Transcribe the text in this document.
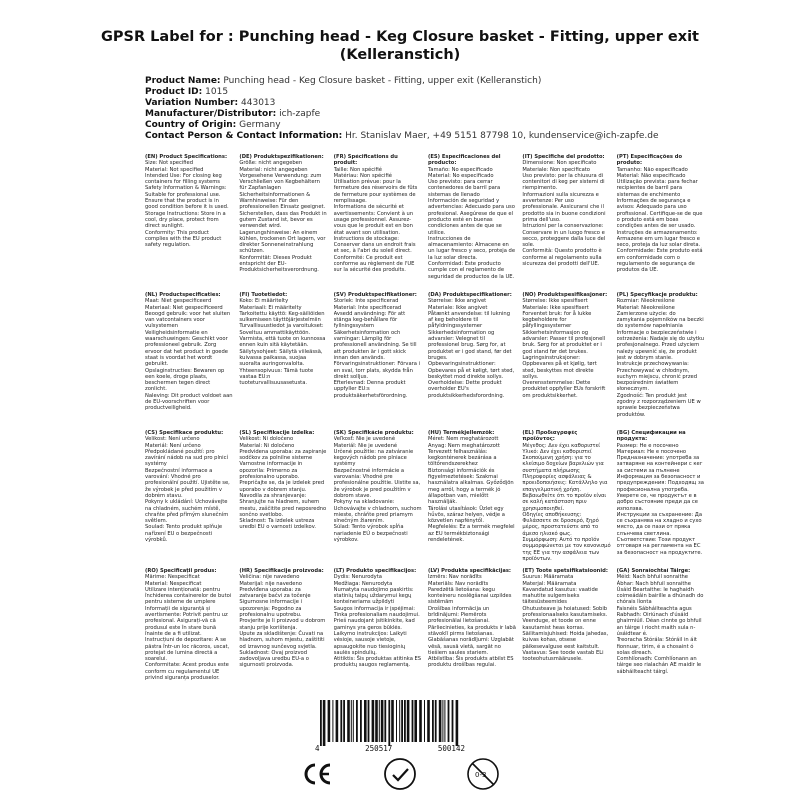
GPSR Label for : Punching head - Keg Closure basket - Fitting, upper exit (Kelleranstich)
Product Name: Punching head - Keg Closure basket - Fitting, upper exit (Kelleranstich)
Product ID: 1015
Variation Number: 443013
Manufacturer/Distributor: ich-zapfe
Country of Origin: Germany
Contact Person & Contact Information: Hr. Stanislav Maer, +49 5151 87798 10, kundenservice@ich-zapfe.de
(EN) Product Specifications:
Size: Not specified
Material: Not specified
Intended Use: For closing keg containers for filling systems
Safety Information & Warnings: Suitable for professional use. Ensure that the product is in good condition before it is used.
Storage Instructions: Store in a cool, dry place, protect from direct sunlight.
Conformity: This product complies with the EU product safety regulation.
(DE) Produktspezifikationen:
Größe: nicht angegeben
Material: nicht angegeben
Vorgesehene Verwendung: zum Verschließen von Kegbehältern für Zapfanlagen
Sicherheitsinformationen & Warnhinweise: Für den professionellen Einsatz geeignet. Sicherstellen, dass das Produkt in gutem Zustand ist, bevor es verwendet wird.
Lagerungshinweise: An einem kühlen, trockenen Ort lagern, vor direkter Sonneneinstrahlung schützen.
Konformität: Dieses Produkt entspricht der EU-Produktsicherheitsverordnung.
(FR) Spécifications du produit:
Taille: Non spécifié
Matériau: Non spécifié
Utilisation prévue: pour la fermeture des réservoirs de fûts de fermeture pour systèmes de remplissage.
Informations de sécurité et avertissements: Convient à un usage professionnel. Assurez-vous que le produit est en bon état avant son utilisation.
Instructions de stockage: Conserver dans un endroit frais et sec, à l'abri du soleil direct.
Conformité: Ce produit est conforme au règlement de l'UE sur la sécurité des produits.
(ES) Especificaciones del producto:
Tamaño: No especificado
Material: No especificado
Uso previsto: para cerrar contenedores de barril para sistemas de llenado
Información de seguridad y advertencias: Adecuado para uso profesional. Asegúrese de que el producto esté en buenas condiciones antes de que se utilice.
Instrucciones de almacenamiento: Almacene en un lugar fresco y seco, proteja de la luz solar directa.
Conformidad: Este producto cumple con el reglamento de seguridad de productos de la UE.
(IT) Specifiche del prodotto:
Dimensione: Non specificato
Materiale: Non specificato
Uso previsto: per la chiusura di contenitori di keg per sistemi di riempimento.
Informazioni sulla sicurezza e avvertenze: Per uso professionale. Assicurarsi che il prodotto sia in buone condizioni prima dell'uso.
Istruzioni per la conservazione: Conservare in un luogo fresco e secco, proteggere dalla luce del sole.
Conformità: Questo prodotto è conforme al regolamento sulla sicurezza dei prodotti dell'UE.
(PT) Especificações do produto:
Tamanho: Não especificado
Material: Não especificado
Utilização prevista: para fechar recipientes de barril para sistemas de enchimento
Informações de segurança e avisos: Adequado para uso profissional. Certifique-se de que o produto está em boas condições antes de ser usado.
Instruções de armazenamento: Armazene em um lugar fresco e seco, proteja da luz solar direta.
Conformidade: Este produto está em conformidade com o regulamento de segurança de produtos da UE.
(NL) Productspecificaties:
Maat: Niet gespecificeerd
Materiaal: Niet gespecificeerd
Beoogd gebruik: voor het sluiten van vatcontainers voor vulsystemen
Veiligheidsinformatie en waarschuwingen: Geschikt voor professioneel gebruik. Zorg ervoor dat het product in goede staat is voordat het wordt gebruikt.
Opslaginstructies: Bewaren op een koele, droge plaats, beschermen tegen direct zonlicht.
Naleving: Dit product voldoet aan de EU-voorschriften voor productveiligheid.
(FI) Tuotetiedot:
Koko: Ei määritelty
Materiaali: Ei määritelty
Tarkoitettu käyttö: Keg-säiliöiden sulkemiseen täyttöjärjestelmiin
Turvallisuustiedot ja varoitukset: Soveltuu ammattikäyttöön. Varmista, että tuote on kunnossa ennen kuin sitä käytetään.
Säilytysohjeet: Säilytä viileässä, kuivassa paikassa, suojaa suoralta auringonvalolta.
Yhteensopivuus: Tämä tuote vastaa EU:n tuoteturvallisuusasetusta.
(SV) Produktspecifikationer:
Storlek: Inte specificerad
Material: Inte specificerad
Avsedd användning: För att stänga keg-behållare för fyllningssystem
Säkerhetsinformation och varningar: Lämplig för professionell användning. Se till att produkten är i gott skick innan den används.
Förvaringsinstruktioner: Förvara i en sval, torr plats, skydda från direkt solljus.
Efterlevnad: Denna produkt uppfyller EU:s produktsäkerhetsförordning.
(DA) Produktspecifikationer:
Størrelse: Ikke angivet
Materiale: Ikke angivet
Påtænkt anvendelse: til lukning af keg beholdere til påfyldningssystemer
Sikkerhedsinformation og advarsler: Velegnet til professionel brug. Sørg for, at produktet er i god stand, før det bruges.
Opbevaringsinstruktioner: Opbevares på et køligt, tørt sted, beskyttet mod direkte sollys.
Overholdelse: Dette produkt overholder EU's produktsikkerhedsforordning.
(NO) Produktspesifikasjoner:
Størrelse: Ikke spesifisert
Materiale: Ikke spesifisert
Forventet bruk: for å lukke kegbeholdere for påfyllingssystemer
Sikkerhetsinformasjon og advarsler: Passer til profesjonell bruk. Sørg for at produktet er i god stand før det brukes.
Lagringsinstruksjoner: Oppbevares på et kjølig, tørt sted, beskyttes mot direkte sollys.
Overensstemmelse: Dette produktet oppfyller EUs forskrift om produktsikkerhet.
(PL) Specyfikacje produktu:
Rozmiar: Nieokreślone
Materiał: Nieokreślone
Zamierzone użycie: do zamykania pojemników na beczki do systemów napełniania
Informacje o bezpieczeństwie i ostrzeżenia: Nadaje się do użytku profesjonalnego. Przed użyciem należy upewnić się, że produkt jest w dobrym stanie.
Instrukcje przechowywania: Przechowywać w chłodnym, suchym miejscu, chronić przed bezpośrednim światłem słonecznym.
Zgodność: Ten produkt jest zgodny z rozporządzeniem UE w sprawie bezpieczeństwa produktów.
(CS) Specifikace produktu:
Velikost: Není určeno
Materiál: Není určeno
Předpokládané použití: pro zavírání nádob na sud pro plnicí systémy
Bezpečnostní informace a varování: Vhodné pro profesionální použití. Ujistěte se, že výrobek je před použitím v dobrém stavu.
Pokyny k ukládání: Uchovávejte na chladném, suchém místě, chraňte před přímým slunečním světlem.
Soulad: Tento produkt splňuje nařízení EU o bezpečnosti výrobků.
(SL) Specifikacije izdelka:
Velikost: Ni določeno
Material: Ni določeno
Predvidena uporaba: za zapiranje sodčkov za polnilne sisteme
Varnostne informacije in opozorila: Primerno za profesionalno uporabo. Prepričajte se, da je izdelek pred uporabo v dobrem stanju.
Navodila za shranjevanje: Shranjujte na hladnem, suhem mestu, zaščitite pred neposredno sončno svetlobo.
Skladnost: Ta izdelek ustreza uredbi EU o varnosti izdelkov.
(SK) Špecifikácie produktu:
Veľkosť: Nie je uvedené
Materiál: Nie je uvedené
Určené použitie: na zatváranie kegových nádob pre plniace systémy
Bezpečnostné informácie a varovania: Vhodné pre profesionálne použitie. Uistite sa, že výrobok je pred použitím v dobrom stave.
Pokyny na skladovanie: Uchovávajte v chladnom, suchom mieste, chráňte pred priamym slnečným žiarením.
Súlad: Tento výrobok spĺňa nariadenie EÚ o bezpečnosti výrobkov.
(HU) Termékjellemzők:
Méret: Nem meghatározott
Anyag: Nem meghatározott
Tervezett felhasználás: kegkonténerek bezárása a töltőrendszerekhez
Biztonsági információk és figyelmeztetések: Szakmai használatra alkalmas. Győződjön meg arról, hogy a termék jó állapotban van, mielőtt használják.
Tárolási utasítások: Üzlet egy hűvös, száraz helyen, védje a közvetlen napfénytől.
Megfelelés: Ez a termék megfelel az EU termékbiztonsági rendeletének.
(EL) Προδιαγραφές προϊόντος:
Μέγεθος: Δεν έχει καθοριστεί
Υλικό: Δεν έχει καθοριστεί
Σκοπούμενη χρήση: για το κλείσιμο δοχείων βαρελιών για συστήματα πλήρωσης
Πληροφορίες ασφάλειας & προειδοποιήσεις: Κατάλληλο για επαγγελματική χρήση. Βεβαιωθείτε ότι το προϊόν είναι σε καλή κατάσταση πριν χρησιμοποιηθεί.
Οδηγίες αποθήκευσης: Φυλάσσετε σε δροσερό, ξηρό μέρος, προστατεύστε από το άμεσο ηλιακό φως.
Συμμόρφωση: Αυτό το προϊόν συμμορφώνεται με τον κανονισμό της ΕΕ για την ασφάλεια των προϊόντων.
(BG) Спецификации на продукта:
Размер: Не е посочено
Материал: Не е посочено
Предназначение: употреба за затваряне на контейнери с кег за системи за пълнене
Информация за безопасност и предупреждения: Подходящ за професионална употреба. Уверете се, че продуктът е в добро състояние преди да се използва.
Инструкции за съхранение: Да се съхранява на хладно и сухо място, да се пази от пряка слънчева светлина.
Съответствие: Този продукт отговаря на регламента на ЕС за безопасност на продуктите.
(RO) Specificații produs:
Mărime: Nespecificat
Material: Nespecificat
Utilizare intenționată: pentru închiderea containerelor de butoi pentru sisteme de umplere
Informații de siguranță și avertismente: Potrivit pentru uz profesional. Asigurați-vă că produsul este în stare bună înainte de a fi utilizat.
Instrucțiuni de depozitare: A se păstra într-un loc răcoros, uscat, protejat de lumina directă a soarelui.
Conformitate: Acest produs este conform cu regulamentul UE privind siguranța produselor.
(HR) Specifikacije proizvoda:
Veličina: nije navedeno
Materijal: nije navedeno
Predviđena uporaba: za zatvaranje bačvi za točenje
Sigurnosne informacije i upozorenja: Pogodno za profesionalnu upotrebu. Provjerite je li proizvod u dobrom stanju prije korištenja.
Upute za skladištenje: Čuvati na hladnom, suhom mjestu, zaštititi od izravnog sunčevog svjetla.
Sukladnost: Ovaj proizvod zadovoljava uredbu EU-a o sigurnosti proizvoda.
(LT) Produkto specifikacijos:
Dydis: Nenurodyta
Medžiaga: Nenurodyta
Numatyta naudojimo paskirtis: statinių talpų uždarymui kegų konteineriams užpildyti
Saugos informacija ir įspėjimai: Tinka profesionaliam naudojimui. Prieš naudojant įsitikinkite, kad gaminys yra geros būklės.
Laikymo instrukcijos: Laikyti vėsioje, sausoje vietoje, apsaugokite nuo tiesioginių saulės spindulių.
Atitiktis: Šis produktas atitinka ES produktų saugos reglamentą.
(LV) Produkta specifikācijas:
Izmērs: Nav norādīts
Materiāls: Nav norādīts
Paredzētā lietošana: kegu konteineru noslēgšanai uzpildes sistēmām
Drošības informācija un brīdinājumi: Piemērots profesionālai lietošanai. Pārliecinieties, ka produkts ir labā stāvoklī pirms lietošanas.
Glabāšanas norādījumi: Uzglabāt vēsā, sausā vietā, sargāt no tiešiem saules stariem.
Atbilstība: Šis produkts atbilst ES produktu drošības regulai.
(ET) Toote spetsifikatsioonid:
Suurus: Määramata
Materjal: Määramata
Kavandatud kasutus: vaatide mahutite sulgemiseks täitesüsteemides
Ohutusteave ja hoiatused: Sobib professionaalseks kasutamiseks. Veenduge, et toode on enne kasutamist heas korras.
Säilitamisjuhised: Hoida jahedas, kuivas kohas, otsese päikesevalguse eest kaitstult.
Vastavus: See toode vastab ELi tooteohutusmäärusele.
(GA) Sonraíochtaí Táirge:
Méid: Nach bhfuil sonraithe
Ábhar: Nach bhfuil sonraithe
Úsáid Beartaithe: le haghaidh coimeádáin bairille a dhúnadh do chórais líonta
Faisnéis Sábháilteachta agus Rabhadh: Oiriúnach d'úsáid ghairmiúil. Déan cinnte go bhfuil an táirge i riocht maith sula n-úsáidtear é.
Treoracha Stórála: Stóráil in áit fionnuar, tirim, é a chosaint ó solas díreach.
Comhlíonadh: Comhlíonann an táirge seo rialachán AE maidir le sábháilteacht táirgí.
4	250517	500142
0-3
